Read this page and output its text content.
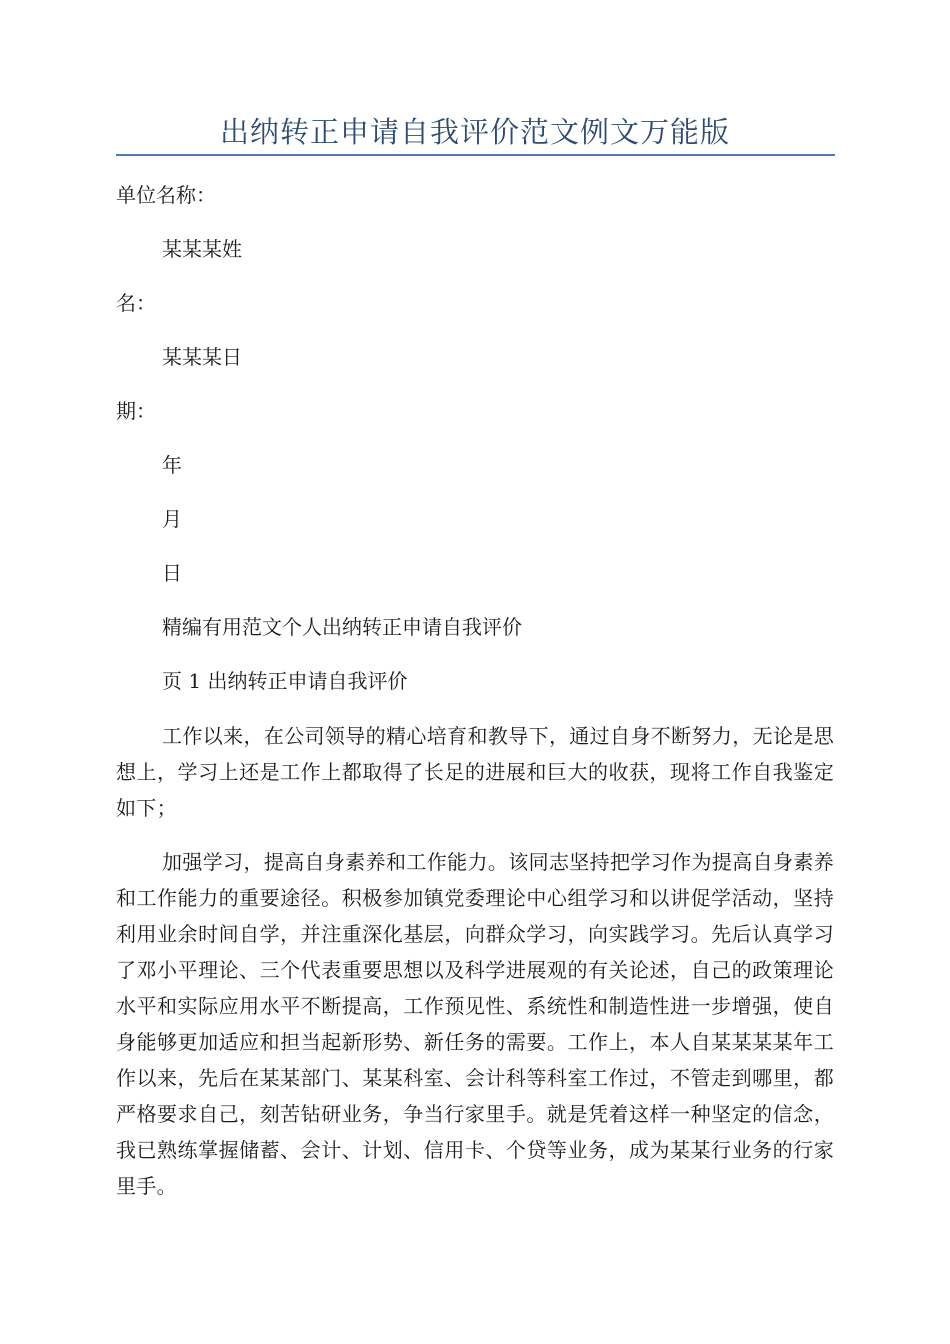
出纳转正申请自我评价范文例文万能版
单位名称：
某某某姓
名：
某某某日
期：
年
月
日
精编有用范文个人出纳转正申请自我评价
页 1 出纳转正申请自我评价

工作以来，在公司领导的精心培育和教导下，通过自身不断努力，无论是思想上，学习上还是工作上都取得了长足的进展和巨大的收获，现将工作自我鉴定如下；

加强学习，提高自身素养和工作能力。该同志坚持把学习作为提高自身素养和工作能力的重要途径。积极参加镇党委理论中心组学习和以讲促学活动，坚持利用业余时间自学，并注重深化基层，向群众学习，向实践学习。先后认真学习了邓小平理论、三个代表重要思想以及科学进展观的有关论述，自己的政策理论水平和实际应用水平不断提高，工作预见性、系统性和制造性进一步增强，使自身能够更加适应和担当起新形势、新任务的需要。工作上，本人自某某某某年工作以来，先后在某某部门、某某科室、会计科等科室工作过，不管走到哪里，都严格要求自己，刻苦钻研业务，争当行家里手。就是凭着这样一种坚定的信念，我已熟练掌握储蓄、会计、计划、信用卡、个贷等业务，成为某某行业务的行家里手。
